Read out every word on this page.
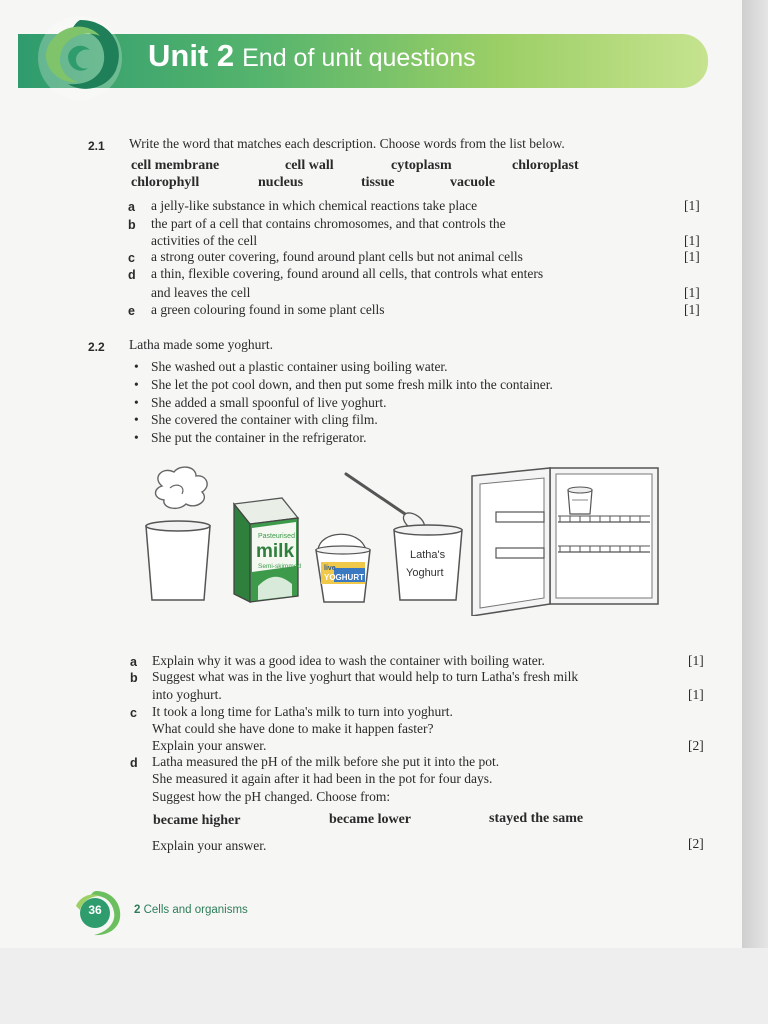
Unit 2 End of unit questions
2.1 Write the word that matches each description. Choose words from the list below.
cell membrane	cell wall	cytoplasm	chloroplast
chlorophyll	nucleus	tissue	vacuole
a a jelly-like substance in which chemical reactions take place	[1]
b the part of a cell that contains chromosomes, and that controls the
activities of the cell	[1]
c a strong outer covering, found around plant cells but not animal cells	[1]
d a thin, flexible covering, found around all cells, that controls what enters
and leaves the cell	[1]
e a green colouring found in some plant cells	[1]
2.2 Latha made some yoghurt.
• She washed out a plastic container using boiling water.
• She let the pot cool down, and then put some fresh milk into the container.
• She added a small spoonful of live yoghurt.
• She covered the container with cling film.
• She put the container in the refrigerator.
Pasteurised
milk
Semi-skimmed	live
YOGHURT
Latha's
Yoghurt
a Explain why it was a good idea to wash the container with boiling water.	[1]
b Suggest what was in the live yoghurt that would help to turn Latha's fresh milk
into yoghurt.	[1]
c It took a long time for Latha's milk to turn into yoghurt.
What could she have done to make it happen faster?
Explain your answer.	[2]
d Latha measured the pH of the milk before she put it into the pot.
She measured it again after it had been in the pot for four days.
Suggest how the pH changed. Choose from:
became higher	became lower	stayed the same
Explain your answer.	[2]
36	2 Cells and organisms
